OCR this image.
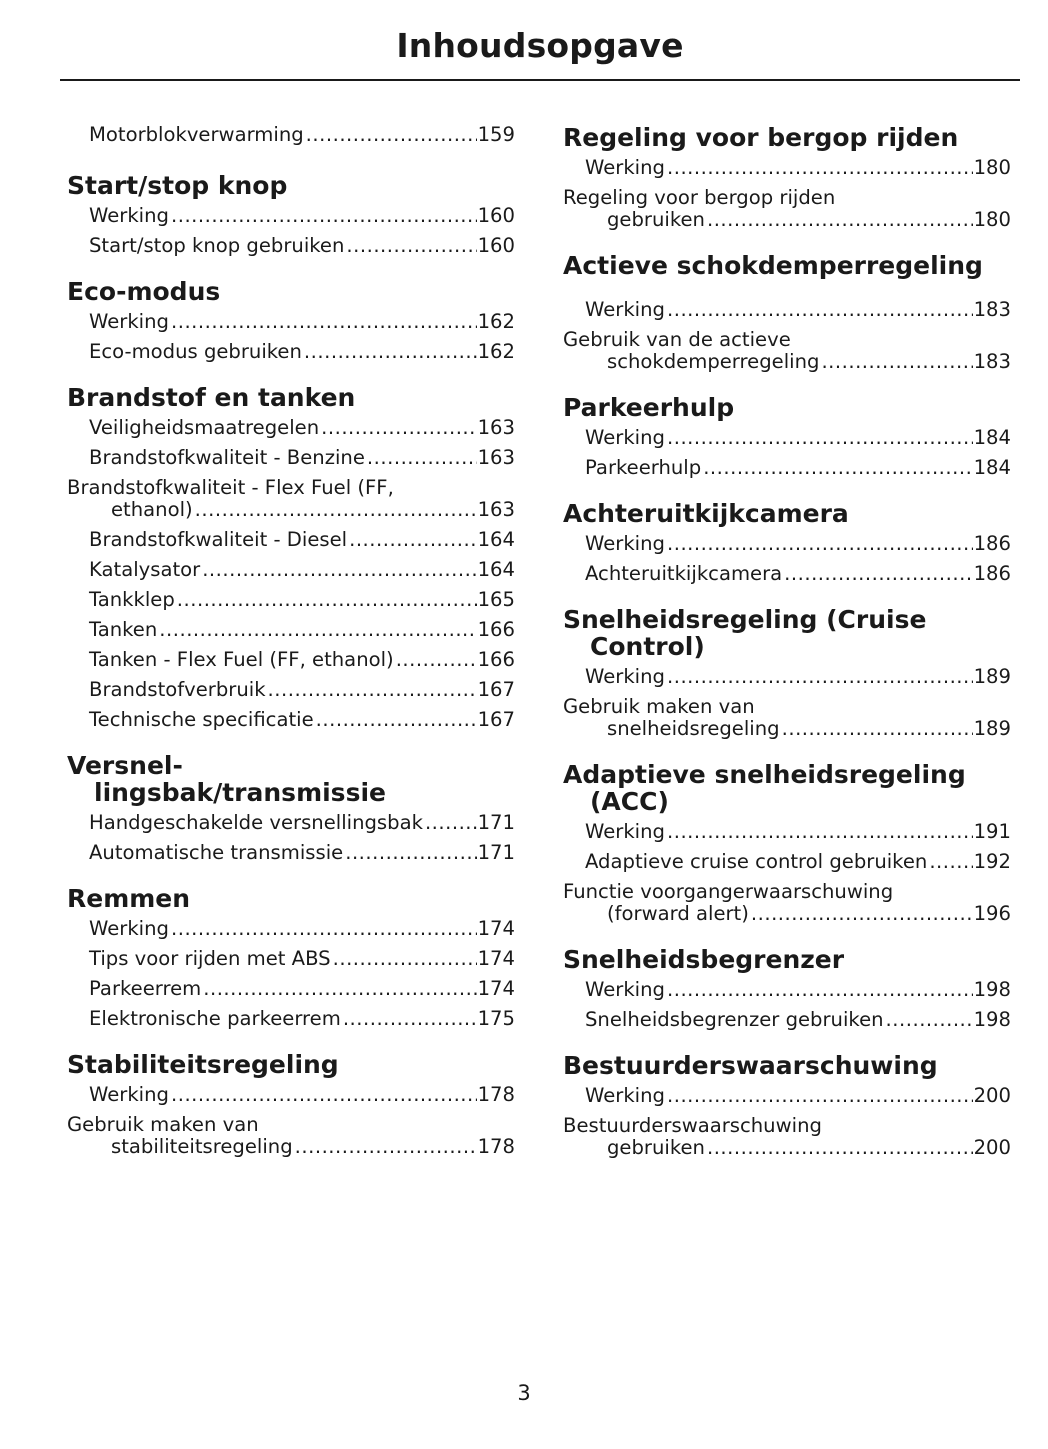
Inhoudsopgave
Motorblokverwarming .....	159
Start/stop knop
Werking .....	160
Start/stop knop gebruiken .....	160
Eco-modus
Werking .....	162
Eco-modus gebruiken .....	162
Brandstof en tanken
Veiligheidsmaatregelen .....	163
Brandstofkwaliteit - Benzine .....	163
Brandstofkwaliteit - Flex Fuel (FF,
ethanol) .....	163
Brandstofkwaliteit - Diesel .....	164
Katalysator .....	164
Tankklep .....	165
Tanken .....	166
Tanken - Flex Fuel (FF, ethanol) .....	166
Brandstofverbruik .....	167
Technische specificatie .....	167
Versnel-
lingsbak/transmissie
Handgeschakelde versnellingsbak .....	171
Automatische transmissie .....	171
Remmen
Werking .....	174
Tips voor rijden met ABS .....	174
Parkeerrem .....	174
Elektronische parkeerrem .....	175
Stabiliteitsregeling
Werking .....	178
Gebruik maken van
stabiliteitsregeling .....	178
Regeling voor bergop rijden
Werking .....	180
Regeling voor bergop rijden
gebruiken .....	180
Actieve schokdemperregeling
Werking .....	183
Gebruik van de actieve
schokdemperregeling .....	183
Parkeerhulp
Werking .....	184
Parkeerhulp .....	184
Achteruitkijkcamera
Werking .....	186
Achteruitkijkcamera .....	186
Snelheidsregeling (Cruise
Control)
Werking .....	189
Gebruik maken van
snelheidsregeling .....	189
Adaptieve snelheidsregeling
(ACC)
Werking .....	191
Adaptieve cruise control gebruiken ..... 192
Functie voorgangerwaarschuwing
(forward alert) .....	196
Snelheidsbegrenzer
Werking .....	198
Snelheidsbegrenzer gebruiken .....	198
Bestuurderswaarschuwing
Werking .....	200
Bestuurderswaarschuwing
gebruiken .....	200
3
